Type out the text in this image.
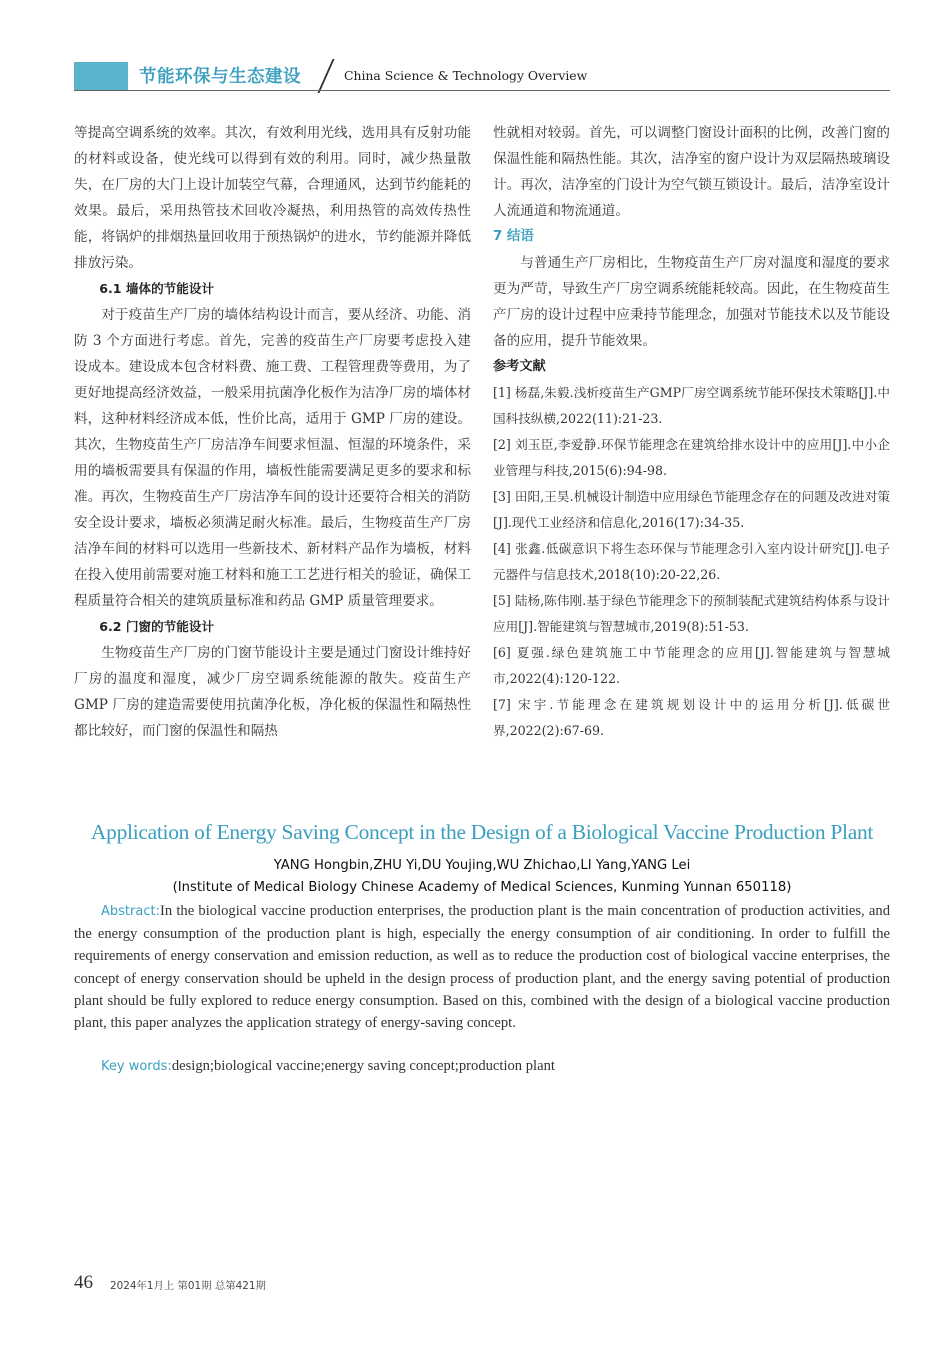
节能环保与生态建设	China Science & Technology Overview

等提高空调系统的效率。其次，有效利用光线，选用具有反射功能的材料或设备，使光线可以得到有效的利用。同时，减少热量散失，在厂房的大门上设计加装空气幕，合理通风，达到节约能耗的效果。最后，采用热管技术回收冷凝热，利用热管的高效传热性能，将锅炉的排烟热量回收用于预热锅炉的进水，节约能源并降低排放污染。

6.1 墙体的节能设计

对于疫苗生产厂房的墙体结构设计而言，要从经济、功能、消防 3 个方面进行考虑。首先，完善的疫苗生产厂房要考虑投入建设成本。建设成本包含材料费、施工费、工程管理费等费用，为了更好地提高经济效益，一般采用抗菌净化板作为洁净厂房的墙体材料，这种材料经济成本低，性价比高，适用于 GMP 厂房的建设。其次，生物疫苗生产厂房洁净车间要求恒温、恒湿的环境条件，采用的墙板需要具有保温的作用，墙板性能需要满足更多的要求和标准。再次，生物疫苗生产厂房洁净车间的设计还要符合相关的消防安全设计要求，墙板必须满足耐火标准。最后，生物疫苗生产厂房洁净车间的材料可以选用一些新技术、新材料产品作为墙板，材料在投入使用前需要对施工材料和施工工艺进行相关的验证，确保工程质量符合相关的建筑质量标准和药品 GMP 质量管理要求。

6.2 门窗的节能设计

生物疫苗生产厂房的门窗节能设计主要是通过门窗设计维持好厂房的温度和湿度，减少厂房空调系统能源的散失。疫苗生产 GMP 厂房的建造需要使用抗菌净化板，净化板的保温性和隔热性都比较好，而门窗的保温性和隔热

性就相对较弱。首先，可以调整门窗设计面积的比例，改善门窗的保温性能和隔热性能。其次，洁净室的窗户设计为双层隔热玻璃设计。再次，洁净室的门设计为空气锁互锁设计。最后，洁净室设计人流通道和物流通道。

7 结语

与普通生产厂房相比，生物疫苗生产厂房对温度和湿度的要求更为严苛，导致生产厂房空调系统能耗较高。因此，在生物疫苗生产厂房的设计过程中应秉持节能理念，加强对节能技术以及节能设备的应用，提升节能效果。

参考文献

[1] 杨磊,朱毅.浅析疫苗生产GMP厂房空调系统节能环保技术策略[J].中国科技纵横,2022(11):21-23.

[2] 刘玉臣,李爱静.环保节能理念在建筑给排水设计中的应用[J].中小企业管理与科技,2015(6):94-98.

[3] 田阳,王昊.机械设计制造中应用绿色节能理念存在的问题及改进对策[J].现代工业经济和信息化,2016(17):34-35.

[4] 张鑫.低碳意识下将生态环保与节能理念引入室内设计研究[J].电子元器件与信息技术,2018(10):20-22,26.

[5] 陆杨,陈伟刚.基于绿色节能理念下的预制装配式建筑结构体系与设计应用[J].智能建筑与智慧城市,2019(8):51-53.

[6] 夏强.绿色建筑施工中节能理念的应用[J].智能建筑与智慧城市,2022(4):120-122.

[7] 宋宇.节能理念在建筑规划设计中的运用分析[J].低碳世界,2022(2):67-69.

Application of Energy Saving Concept in the Design of a Biological Vaccine Production Plant
YANG Hongbin,ZHU Yi,DU Youjing,WU Zhichao,LI Yang,YANG Lei
(Institute of Medical Biology Chinese Academy of Medical Sciences, Kunming Yunnan 650118)

Abstract:In the biological vaccine production enterprises, the production plant is the main concentration of production activities, and the energy consumption of the production plant is high, especially the energy consumption of air conditioning. In order to fulfill the requirements of energy conservation and emission reduction, as well as to reduce the production cost of biological vaccine enterprises, the concept of energy conservation should be upheld in the design process of production plant, and the energy saving potential of production plant should be fully explored to reduce energy consumption. Based on this, combined with the design of a biological vaccine production plant, this paper analyzes the application strategy of energy-saving concept.

Key words:design;biological vaccine;energy saving concept;production plant

46 2024年1月上 第01期 总第421期
